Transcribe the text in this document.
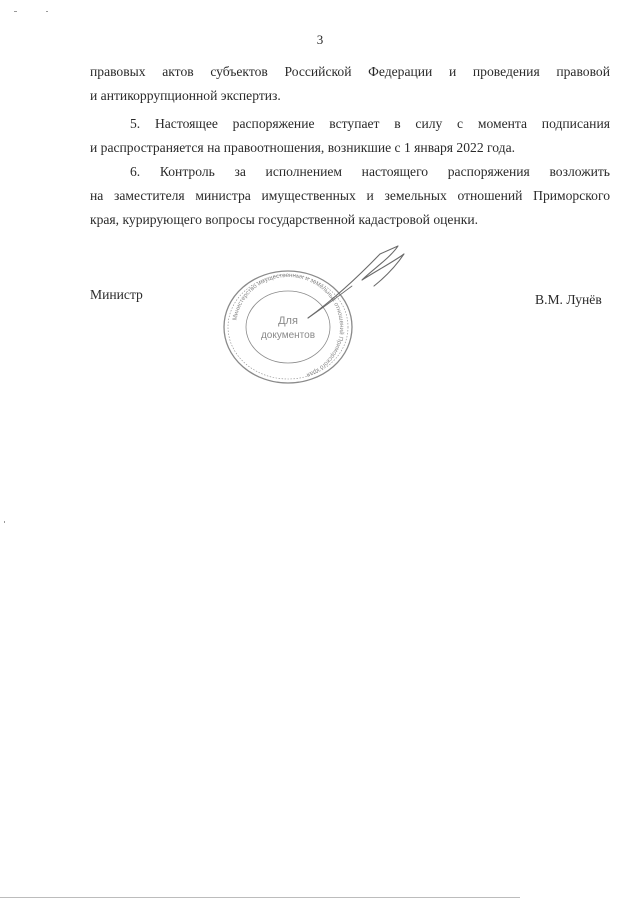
3

правовых актов субъектов Российской Федерации и проведения правовой
и антикоррупционной экспертиз.

5. Настоящее распоряжение вступает в силу с момента подписания
и распространяется на правоотношения, возникшие с 1 января 2022 года.

6. Контроль за исполнением настоящего распоряжения возложить
на заместителя министра имущественных и земельных отношений Приморского
края, курирующего вопросы государственной кадастровой оценки.

Министр	В.М. Лунёв
Министерство имущественных и земельных отношений Приморского края
Для
документов
